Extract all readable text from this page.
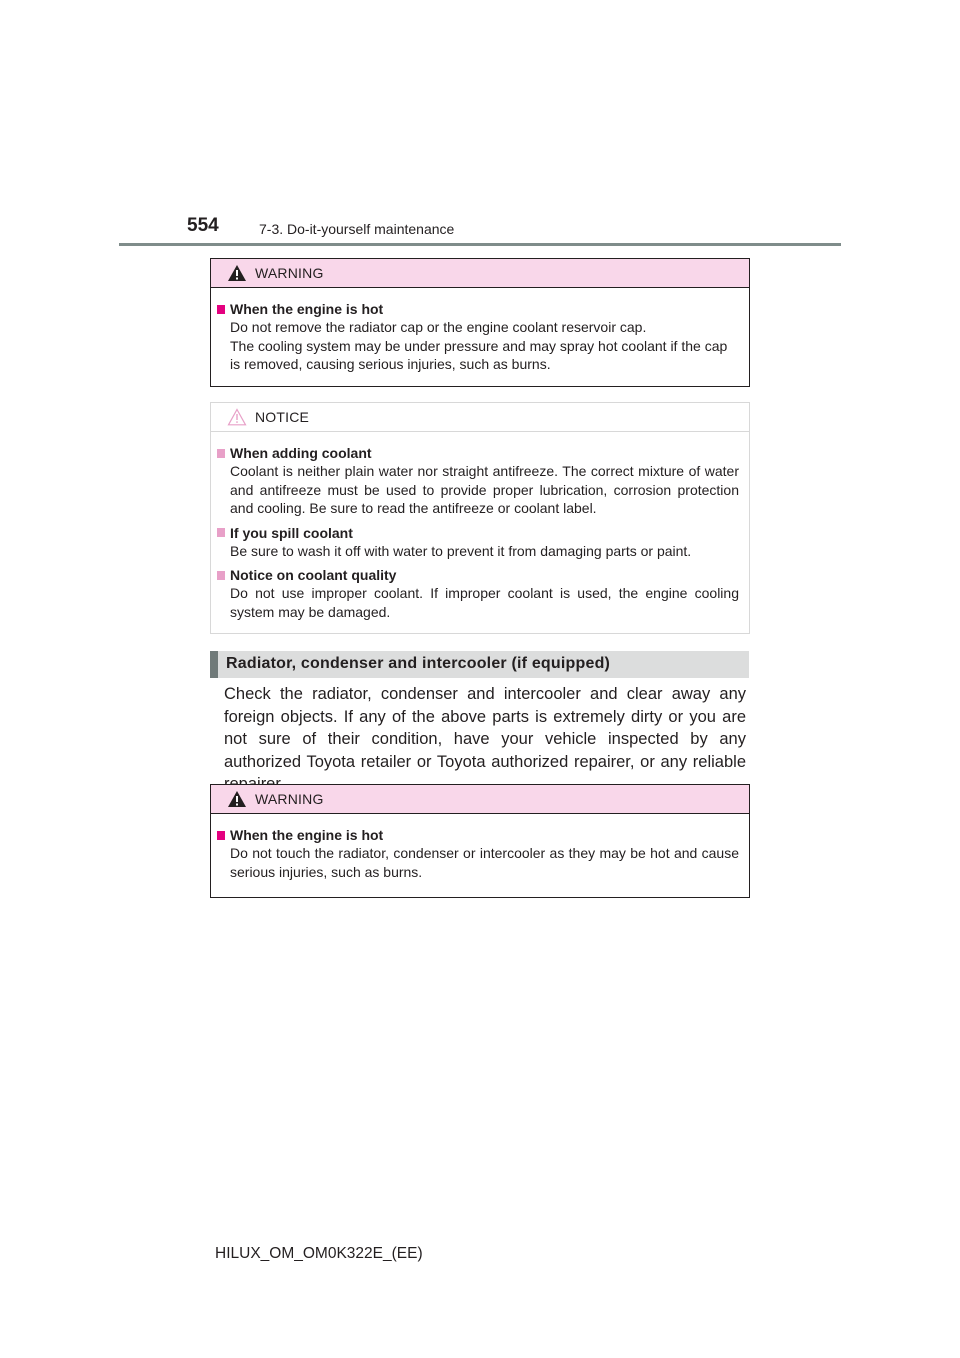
554	7-3. Do-it-yourself maintenance
WARNING
When the engine is hot
Do not remove the radiator cap or the engine coolant reservoir cap.
The cooling system may be under pressure and may spray hot coolant if the cap is removed, causing serious injuries, such as burns.
NOTICE
When adding coolant
Coolant is neither plain water nor straight antifreeze. The correct mixture of water and antifreeze must be used to provide proper lubrication, corrosion protection and cooling. Be sure to read the antifreeze or coolant label.
If you spill coolant
Be sure to wash it off with water to prevent it from damaging parts or paint.
Notice on coolant quality
Do not use improper coolant. If improper coolant is used, the engine cooling system may be damaged.
Radiator, condenser and intercooler (if equipped)
Check the radiator, condenser and intercooler and clear away any foreign objects. If any of the above parts is extremely dirty or you are not sure of their condition, have your vehicle inspected by any authorized Toyota retailer or Toyota authorized repairer, or any reliable
WARNING
When the engine is hot
Do not touch the radiator, condenser or intercooler as they may be hot and cause serious injuries, such as burns.
HILUX_OM_OM0K322E_(EE)
